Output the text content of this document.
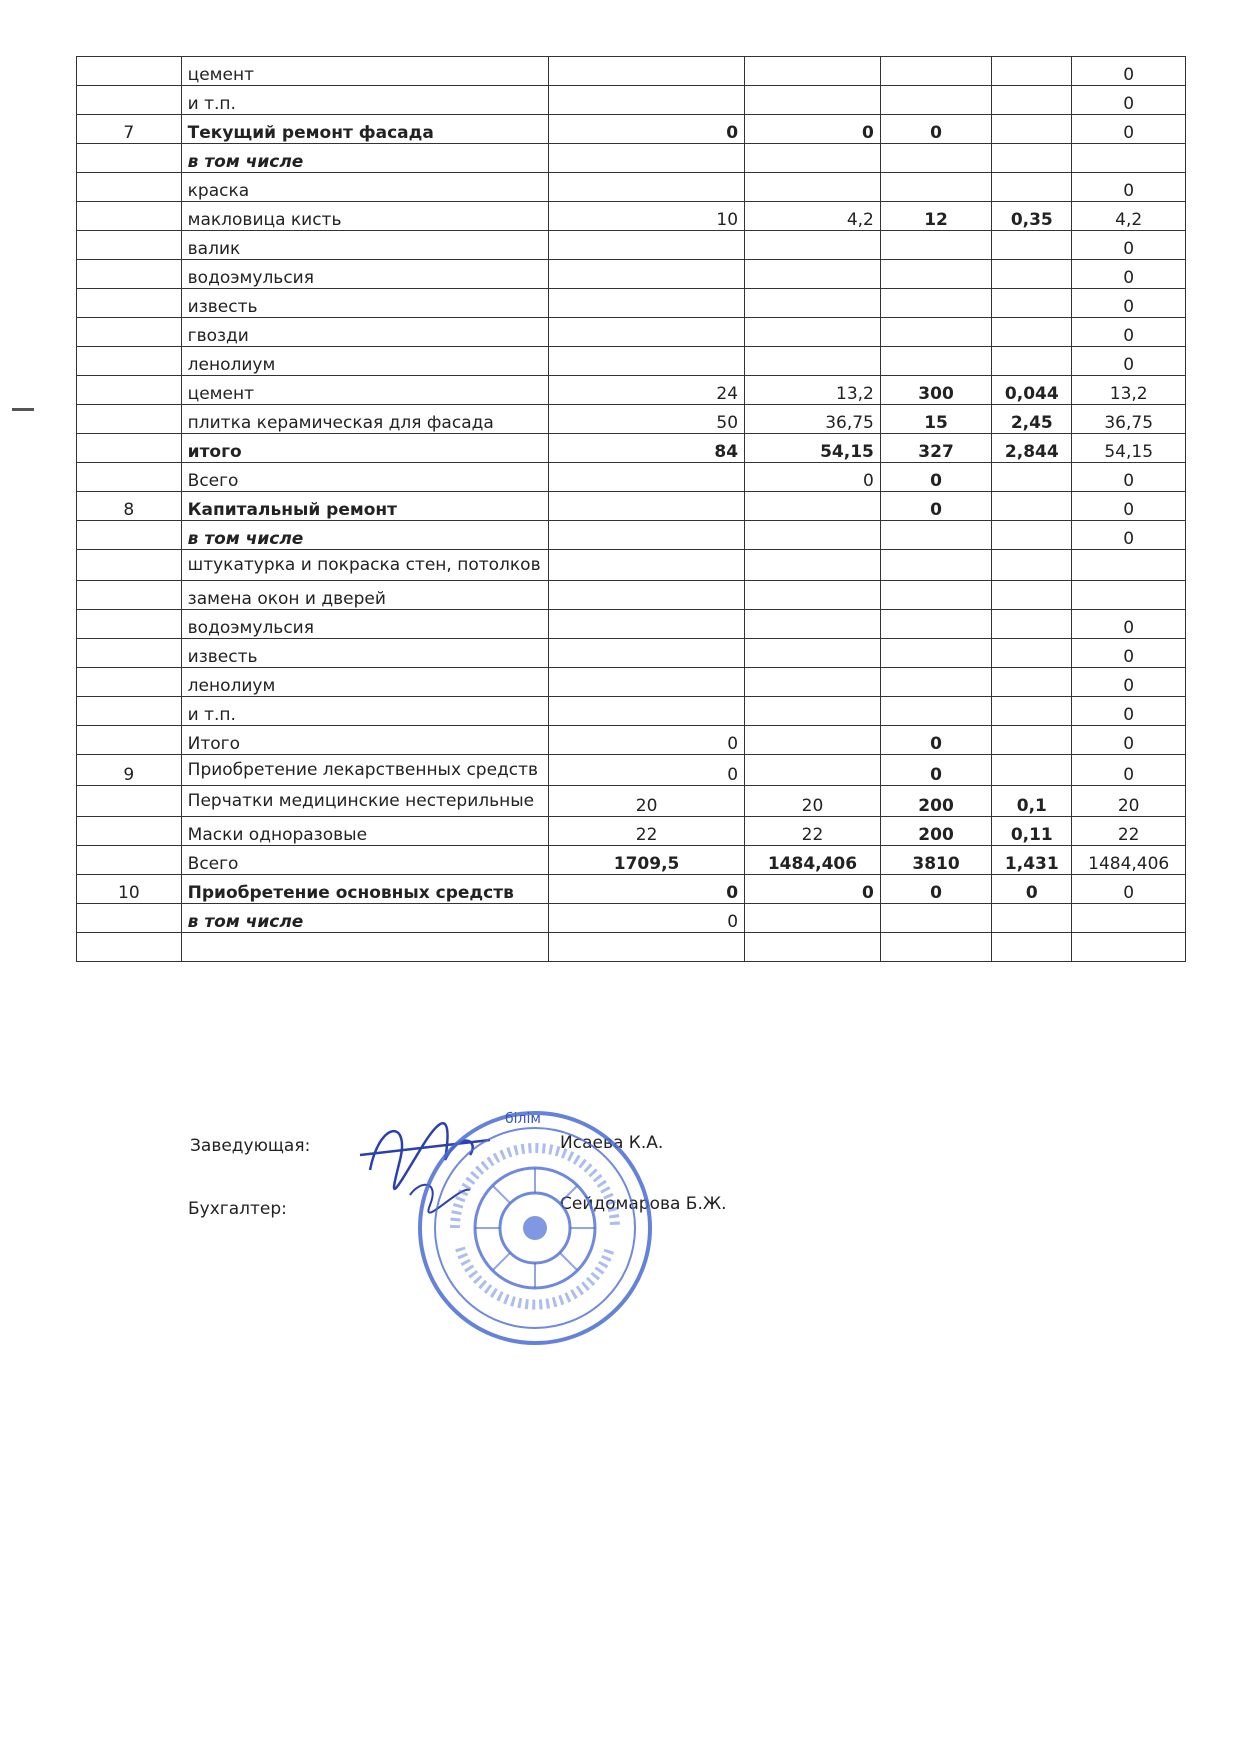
	цемент					0
	и т.п.					0
7	Текущий ремонт фасада	0	0	0		0
	в том числе					
	краска					0
	макловица кисть	10	4,2	12	0,35	4,2
	валик					0
	водоэмульсия					0
	известь					0
	гвозди					0
	ленолиум					0
	цемент	24	13,2	300	0,044	13,2
	плитка керамическая для фасада	50	36,75	15	2,45	36,75
	итого	84	54,15	327	2,844	54,15
	Всего		0	0		0
8	Капитальный ремонт			0		0
	в том числе					0
	штукатурка и покраска стен, потолков					
	замена окон и дверей					
	водоэмульсия					0
	известь					0
	ленолиум					0
	и т.п.					0
	Итого	0		0		0
9	Приобретение лекарственных средств	0		0		0
	Перчатки медицинские нестерильные	20	20	200	0,1	20
	Маски одноразовые	22	22	200	0,11	22
	Всего	1709,5	1484,406	3810	1,431	1484,406
10	Приобретение основных средств	0	0	0	0	0
	в том числе	0				

Заведующая:	Исаева К.А.
Бухгалтер:	Сейдомарова Б.Ж.
білім
